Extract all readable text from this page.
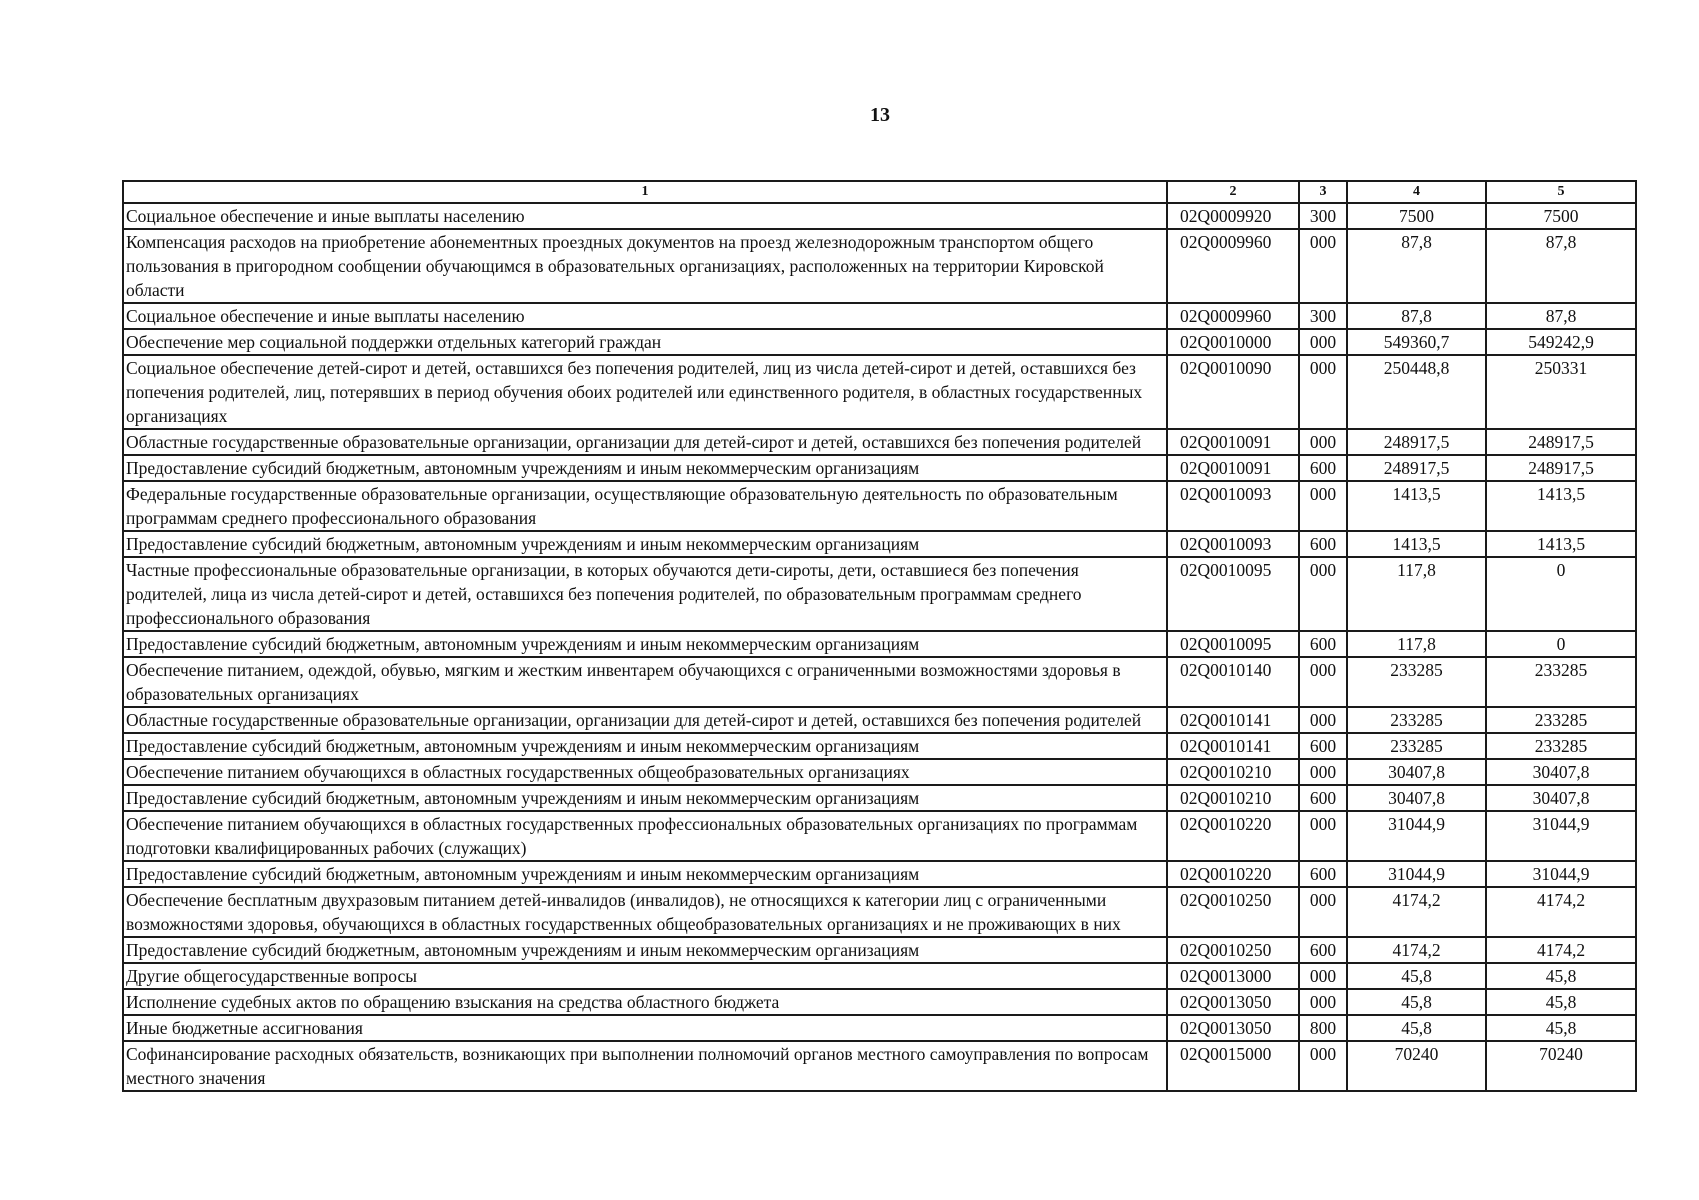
13
1	2	3	4	5
Социальное обеспечение и иные выплаты населению	02Q0009920	300	7500	7500
Компенсация расходов на приобретение абонементных проездных документов на проезд железнодорожным транспортом общего пользования в пригородном сообщении обучающимся в образовательных организациях, расположенных на территории Кировской области	02Q0009960	000	87,8	87,8
Социальное обеспечение и иные выплаты населению	02Q0009960	300	87,8	87,8
Обеспечение мер социальной поддержки отдельных категорий граждан	02Q0010000	000	549360,7	549242,9
Социальное обеспечение детей-сирот и детей, оставшихся без попечения родителей, лиц из числа детей-сирот и детей, оставшихся без попечения родителей, лиц, потерявших в период обучения обоих родителей или единственного родителя, в областных государственных организациях	02Q0010090	000	250448,8	250331
Областные государственные образовательные организации, организации для детей-сирот и детей, оставшихся без попечения родителей	02Q0010091	000	248917,5	248917,5
Предоставление субсидий бюджетным, автономным учреждениям и иным некоммерческим организациям	02Q0010091	600	248917,5	248917,5
Федеральные государственные образовательные организации, осуществляющие образовательную деятельность по образовательным программам среднего профессионального образования	02Q0010093	000	1413,5	1413,5
Предоставление субсидий бюджетным, автономным учреждениям и иным некоммерческим организациям	02Q0010093	600	1413,5	1413,5
Частные профессиональные образовательные организации, в которых обучаются дети-сироты, дети, оставшиеся без попечения родителей, лица из числа детей-сирот и детей, оставшихся без попечения родителей, по образовательным программам среднего профессионального образования	02Q0010095	000	117,8	0
Предоставление субсидий бюджетным, автономным учреждениям и иным некоммерческим организациям	02Q0010095	600	117,8	0
Обеспечение питанием, одеждой, обувью, мягким и жестким инвентарем обучающихся с ограниченными возможностями здоровья в образовательных организациях	02Q0010140	000	233285	233285
Областные государственные образовательные организации, организации для детей-сирот и детей, оставшихся без попечения родителей	02Q0010141	000	233285	233285
Предоставление субсидий бюджетным, автономным учреждениям и иным некоммерческим организациям	02Q0010141	600	233285	233285
Обеспечение питанием обучающихся в областных государственных общеобразовательных организациях	02Q0010210	000	30407,8	30407,8
Предоставление субсидий бюджетным, автономным учреждениям и иным некоммерческим организациям	02Q0010210	600	30407,8	30407,8
Обеспечение питанием обучающихся в областных государственных профессиональных образовательных организациях по программам подготовки квалифицированных рабочих (служащих)	02Q0010220	000	31044,9	31044,9
Предоставление субсидий бюджетным, автономным учреждениям и иным некоммерческим организациям	02Q0010220	600	31044,9	31044,9
Обеспечение бесплатным двухразовым питанием детей-инвалидов (инвалидов), не относящихся к категории лиц с ограниченными возможностями здоровья, обучающихся в областных государственных общеобразовательных организациях и не проживающих в них	02Q0010250	000	4174,2	4174,2
Предоставление субсидий бюджетным, автономным учреждениям и иным некоммерческим организациям	02Q0010250	600	4174,2	4174,2
Другие общегосударственные вопросы	02Q0013000	000	45,8	45,8
Исполнение судебных актов по обращению взыскания на средства областного бюджета	02Q0013050	000	45,8	45,8
Иные бюджетные ассигнования	02Q0013050	800	45,8	45,8
Софинансирование расходных обязательств, возникающих при выполнении полномочий органов местного самоуправления по вопросам местного значения	02Q0015000	000	70240	70240
